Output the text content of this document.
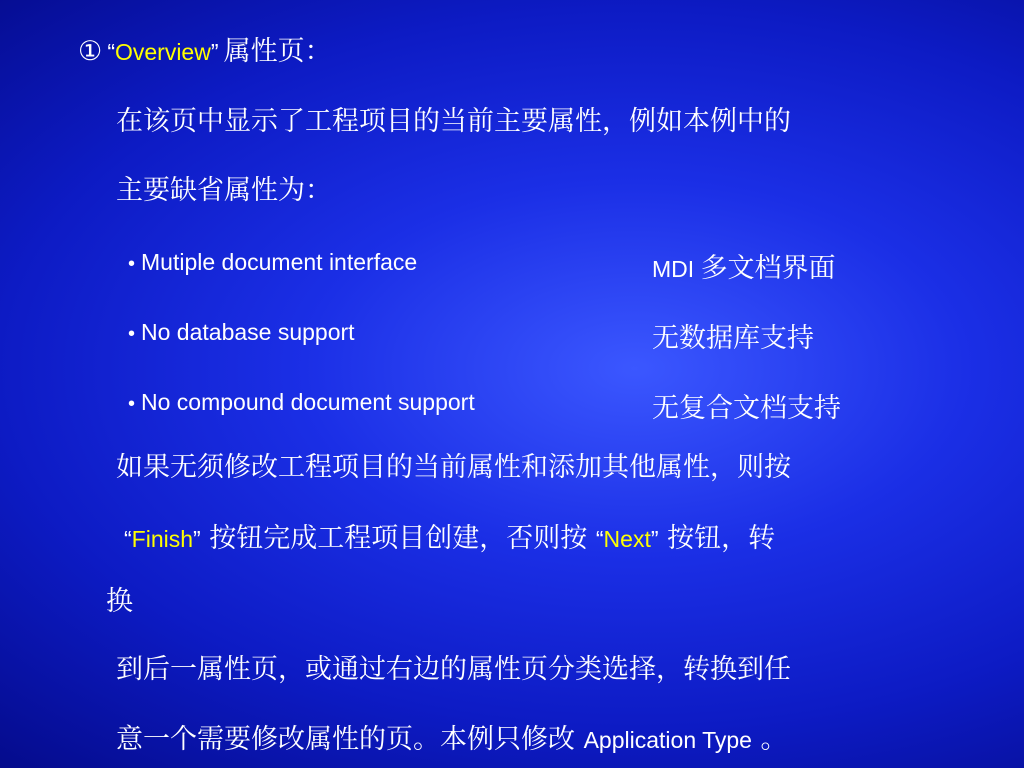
① “Overview” 属性页：
在该页中显示了工程项目的当前主要属性，例如本例中的
主要缺省属性为：
• Mutiple document interface	MDI 多文档界面
• No database support	无数据库支持
• No compound document support	无复合文档支持
如果无须修改工程项目的当前属性和添加其他属性，则按
“Finish” 按钮完成工程项目创建，否则按 “Next” 按钮，转
换
到后一属性页，或通过右边的属性页分类选择，转换到任
意一个需要修改属性的页。本例只修改 Application Type 。
